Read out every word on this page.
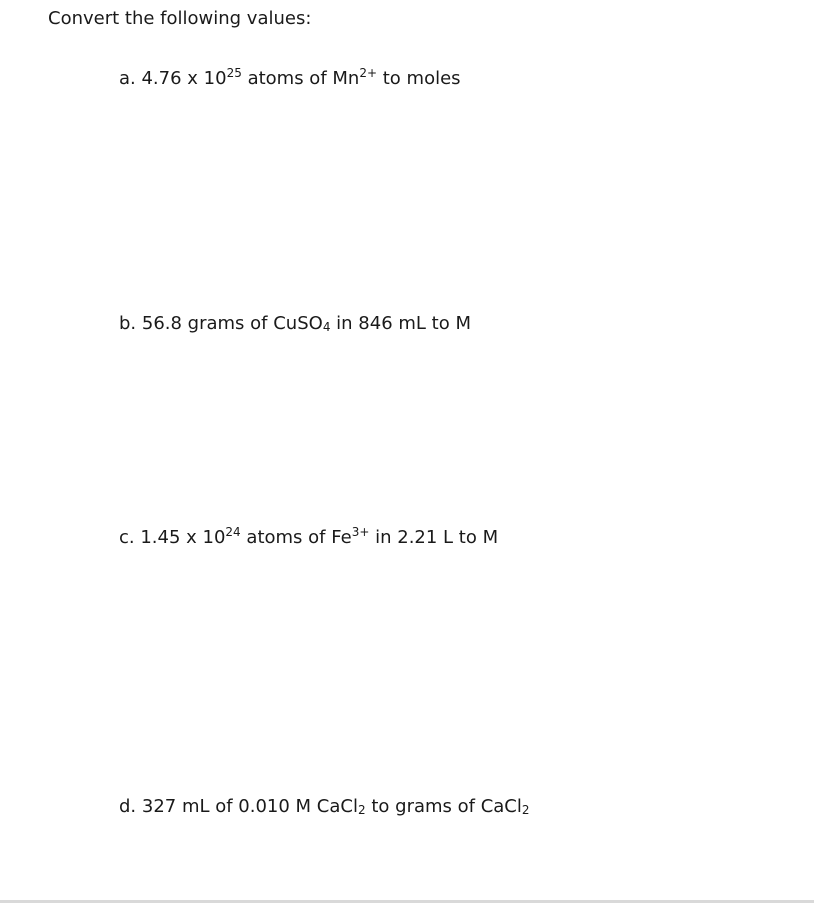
Convert the following values:
a. 4.76 x $10^{25}$ atoms of $Mn^{2+}$ to moles
b. 56.8 grams of CuSO$_4$ in 846 mL to M
c. 1.45 x $10^{24}$ atoms of $Fe^{3+}$ in 2.21 L to M
d. 327 mL of 0.010 M CaCl$_2$ to grams of CaCl$_2$
